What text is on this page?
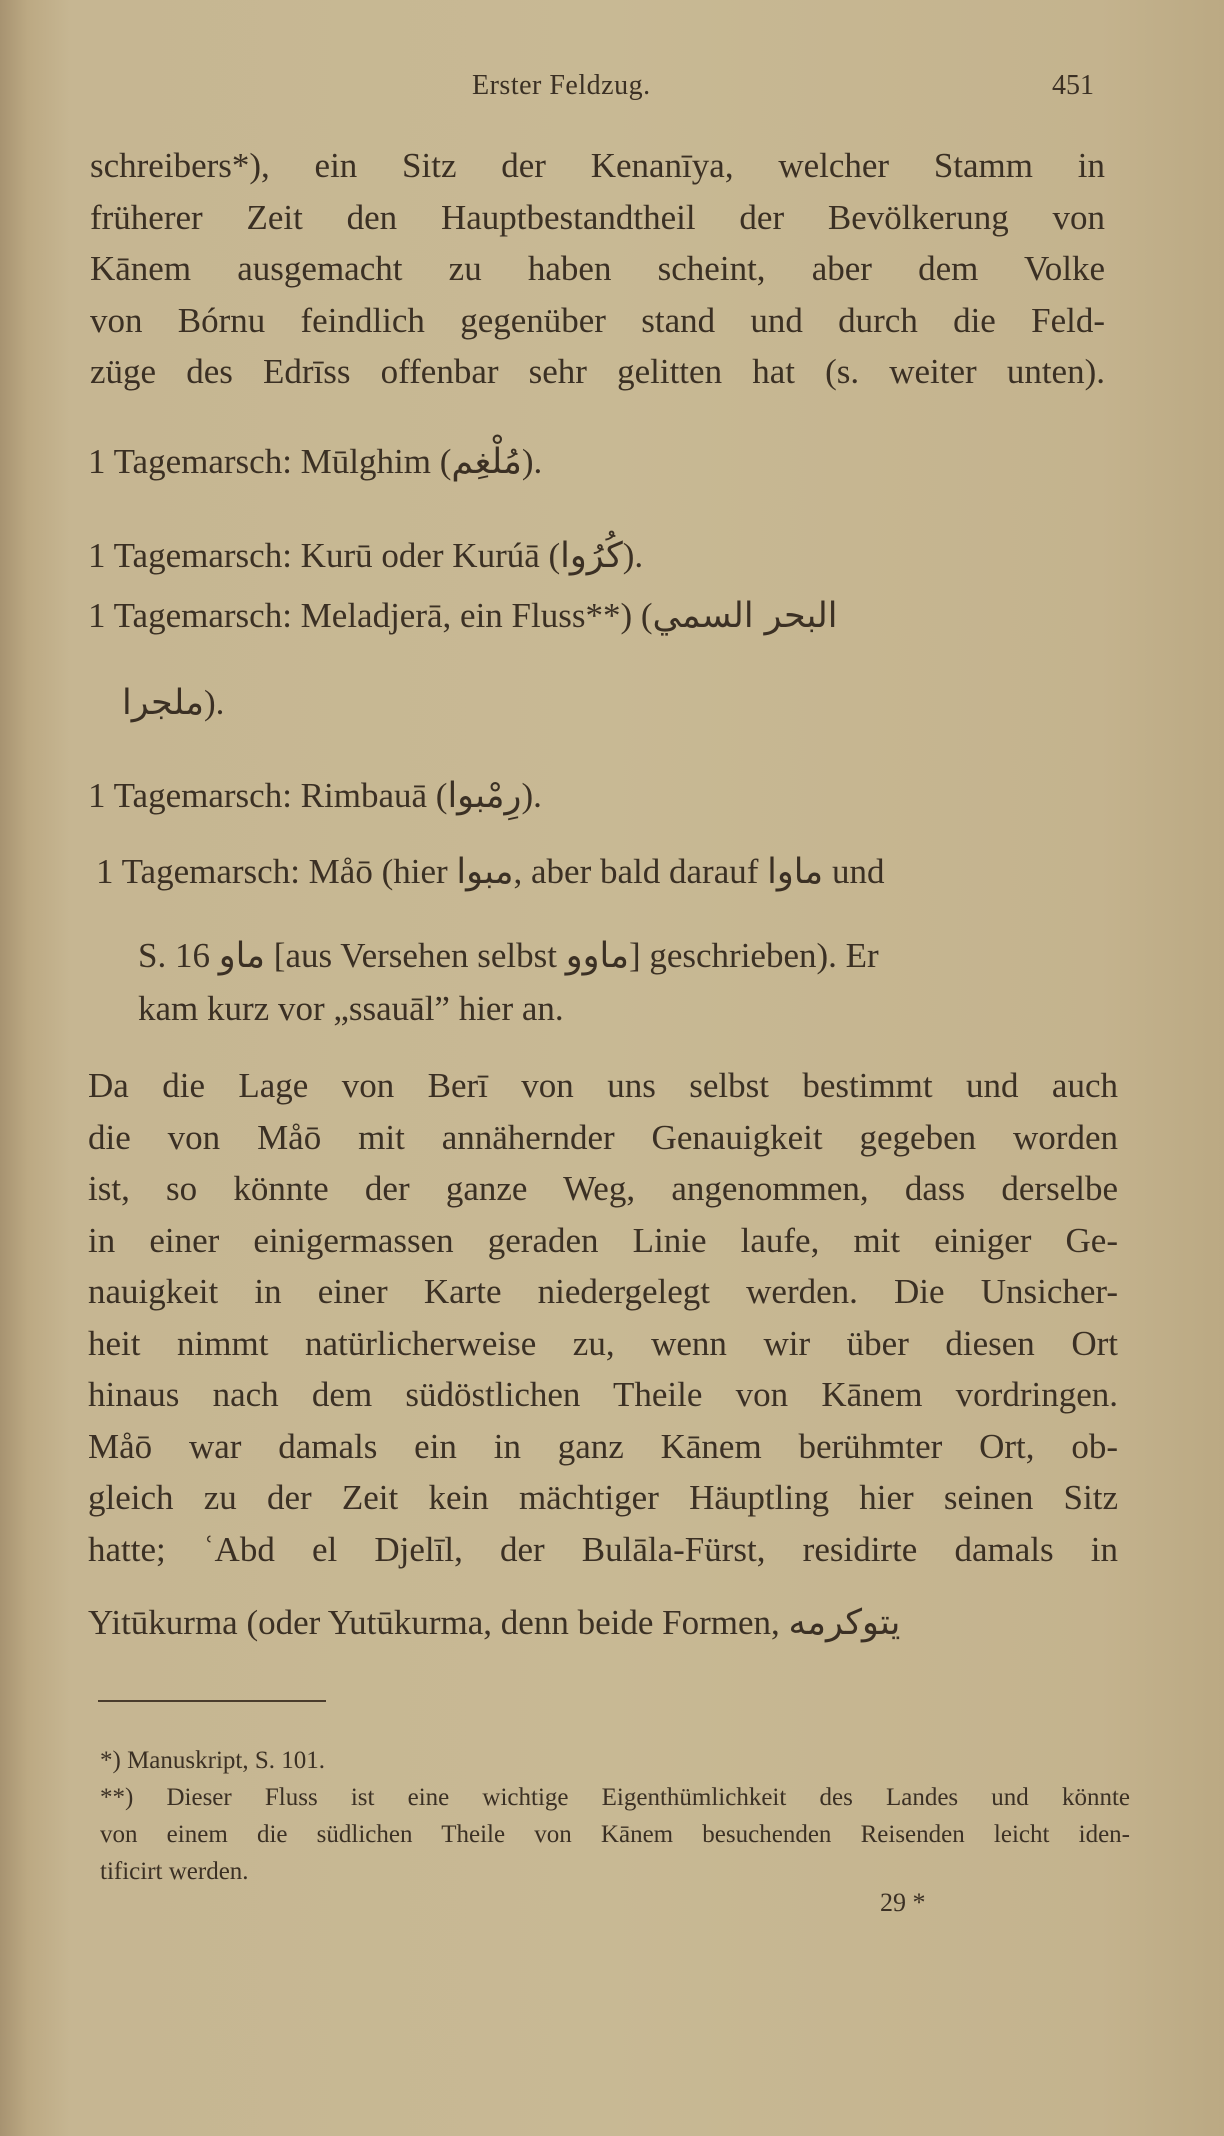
Erster Feldzug.	451
schreibers*), ein Sitz der Kenanīya, welcher Stamm in
früherer Zeit den Hauptbestandtheil der Bevölkerung von
Kānem ausgemacht zu haben scheint, aber dem Volke
von Bórnu feindlich gegenüber stand und durch die Feld-
züge des Edrīss offenbar sehr gelitten hat (s. weiter unten).
1 Tagemarsch: Mūlghim (مُلْغِم).
1 Tagemarsch: Kurū oder Kurúā (كُرُوا).
1 Tagemarsch: Meladjerā, ein Fluss**) (البحر السمي
ملجرا).
1 Tagemarsch: Rimbauā (رِمْبوا).
1 Tagemarsch: Måō (hier مبوا, aber bald darauf ماوا und
S. 16 ماو [aus Versehen selbst ماوو] geschrieben). Er
kam kurz vor „ssauāl” hier an.
Da die Lage von Berī von uns selbst bestimmt und auch
die von Måō mit annähernder Genauigkeit gegeben worden
ist, so könnte der ganze Weg, angenommen, dass derselbe
in einer einigermassen geraden Linie laufe, mit einiger Ge-
nauigkeit in einer Karte niedergelegt werden. Die Unsicher-
heit nimmt natürlicherweise zu, wenn wir über diesen Ort
hinaus nach dem südöstlichen Theile von Kānem vordringen.
Måō war damals ein in ganz Kānem berühmter Ort, ob-
gleich zu der Zeit kein mächtiger Häuptling hier seinen Sitz
hatte; ʿAbd el Djelīl, der Bulāla-Fürst, residirte damals in
Yitūkurma (oder Yutūkurma, denn beide Formen, يتوكرمه
*) Manuskript, S. 101.
**) Dieser Fluss ist eine wichtige Eigenthümlichkeit des Landes und könnte
von einem die südlichen Theile von Kānem besuchenden Reisenden leicht iden-
tificirt werden.
29 *
